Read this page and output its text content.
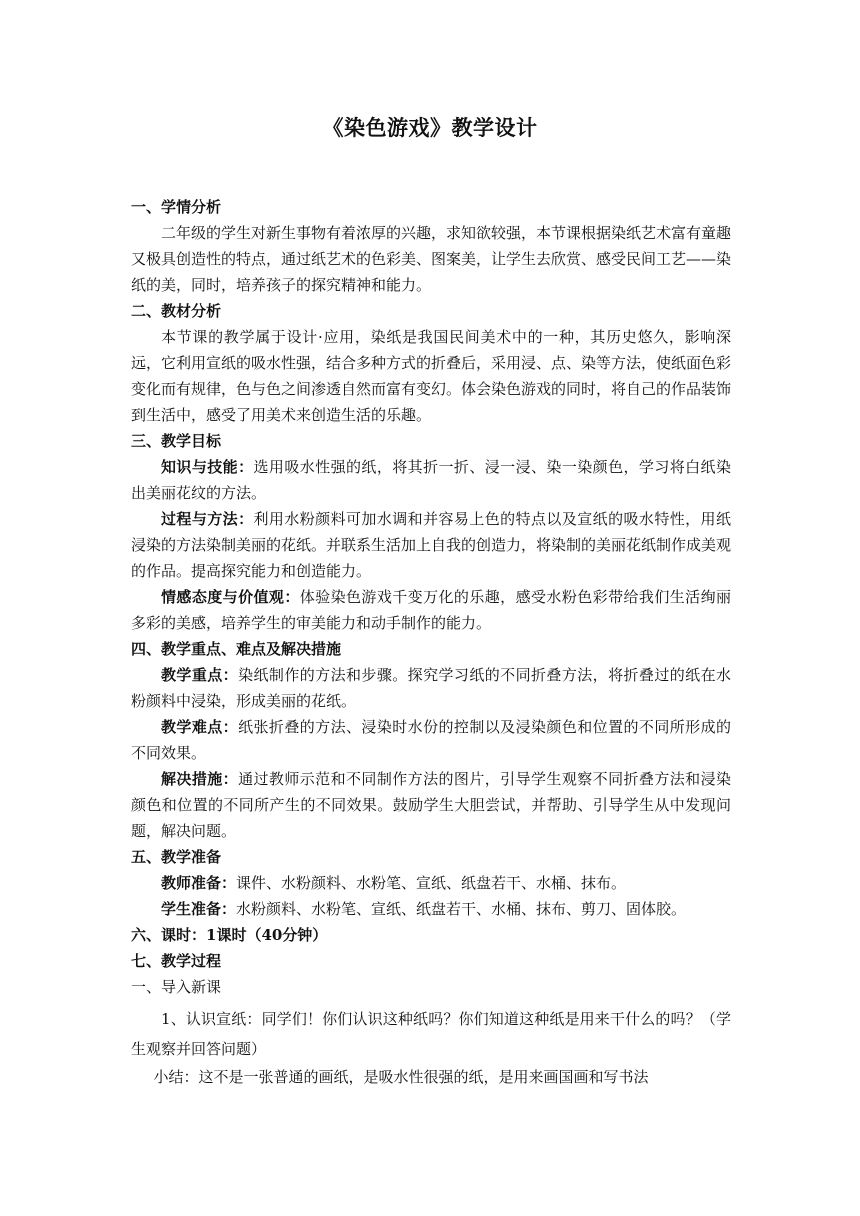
《染色游戏》教学设计

一、学情分析

二年级的学生对新生事物有着浓厚的兴趣，求知欲较强，本节课根据染纸艺术富有童趣又极具创造性的特点，通过纸艺术的色彩美、图案美，让学生去欣赏、感受民间工艺——染纸的美，同时，培养孩子的探究精神和能力。

二、教材分析

本节课的教学属于设计·应用，染纸是我国民间美术中的一种，其历史悠久，影响深远，它利用宣纸的吸水性强，结合多种方式的折叠后，采用浸、点、染等方法，使纸面色彩变化而有规律，色与色之间渗透自然而富有变幻。体会染色游戏的同时，将自己的作品装饰到生活中，感受了用美术来创造生活的乐趣。

三、教学目标

知识与技能：选用吸水性强的纸，将其折一折、浸一浸、染一染颜色，学习将白纸染出美丽花纹的方法。

过程与方法：利用水粉颜料可加水调和并容易上色的特点以及宣纸的吸水特性，用纸浸染的方法染制美丽的花纸。并联系生活加上自我的创造力，将染制的美丽花纸制作成美观的作品。提高探究能力和创造能力。

情感态度与价值观：体验染色游戏千变万化的乐趣，感受水粉色彩带给我们生活绚丽多彩的美感，培养学生的审美能力和动手制作的能力。

四、教学重点、难点及解决措施

教学重点：染纸制作的方法和步骤。探究学习纸的不同折叠方法，将折叠过的纸在水粉颜料中浸染，形成美丽的花纸。

教学难点：纸张折叠的方法、浸染时水份的控制以及浸染颜色和位置的不同所形成的不同效果。

解决措施：通过教师示范和不同制作方法的图片，引导学生观察不同折叠方法和浸染颜色和位置的不同所产生的不同效果。鼓励学生大胆尝试，并帮助、引导学生从中发现问题，解决问题。

五、教学准备

教师准备：课件、水粉颜料、水粉笔、宣纸、纸盘若干、水桶、抹布。

学生准备：水粉颜料、水粉笔、宣纸、纸盘若干、水桶、抹布、剪刀、固体胶。

六、课时：1课时（40分钟）

七、教学过程

一、导入新课

1、认识宣纸：同学们！你们认识这种纸吗？你们知道这种纸是用来干什么的吗？（学生观察并回答问题）

小结：这不是一张普通的画纸，是吸水性很强的纸，是用来画国画和写书法
